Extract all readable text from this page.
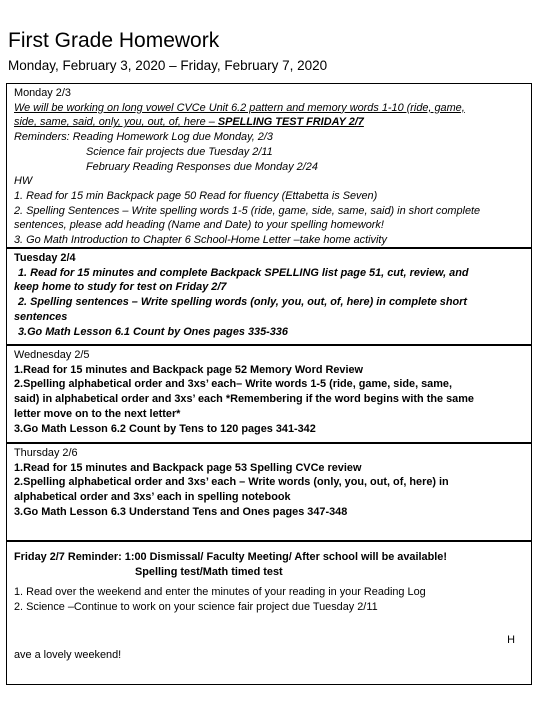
First Grade Homework
Monday, February 3, 2020 – Friday, February 7, 2020
Monday 2/3
We will be working on long vowel CVCe Unit 6.2 pattern and memory words 1-10 (ride, game,
side, same, said, only, you, out, of, here – SPELLING TEST FRIDAY 2/7
Reminders: Reading Homework Log due Monday, 2/3
Science fair projects due Tuesday 2/11
February Reading Responses due Monday 2/24
HW
1. Read for 15 min Backpack page 50 Read for fluency (Ettabetta is Seven)
2. Spelling Sentences – Write spelling words 1-5 (ride, game, side, same, said) in short complete
sentences, please add heading (Name and Date) to your spelling homework!
3. Go Math Introduction to Chapter 6 School-Home Letter –take home activity
Tuesday 2/4
1. Read for 15 minutes and complete Backpack SPELLING list page 51, cut, review, and
keep home to study for test on Friday 2/7
2. Spelling sentences – Write spelling words (only, you, out, of, here) in complete short
sentences
3.Go Math Lesson 6.1 Count by Ones pages 335-336
Wednesday 2/5
1.Read for 15 minutes and Backpack page 52 Memory Word Review
2.Spelling alphabetical order and 3xs’ each– Write words 1-5 (ride, game, side, same,
said) in alphabetical order and 3xs’ each *Remembering if the word begins with the same
letter move on to the next letter*
3.Go Math Lesson 6.2 Count by Tens to 120 pages 341-342
Thursday 2/6
1.Read for 15 minutes and Backpack page 53 Spelling CVCe review
2.Spelling alphabetical order and 3xs’ each – Write words (only, you, out, of, here) in
alphabetical order and 3xs’ each in spelling notebook
3.Go Math Lesson 6.3 Understand Tens and Ones pages 347-348
Friday 2/7 Reminder: 1:00 Dismissal/ Faculty Meeting/ After school will be available!
Spelling test/Math timed test
1. Read over the weekend and enter the minutes of your reading in your Reading Log
2. Science –Continue to work on your science fair project due Tuesday 2/11
H
ave a lovely weekend!
